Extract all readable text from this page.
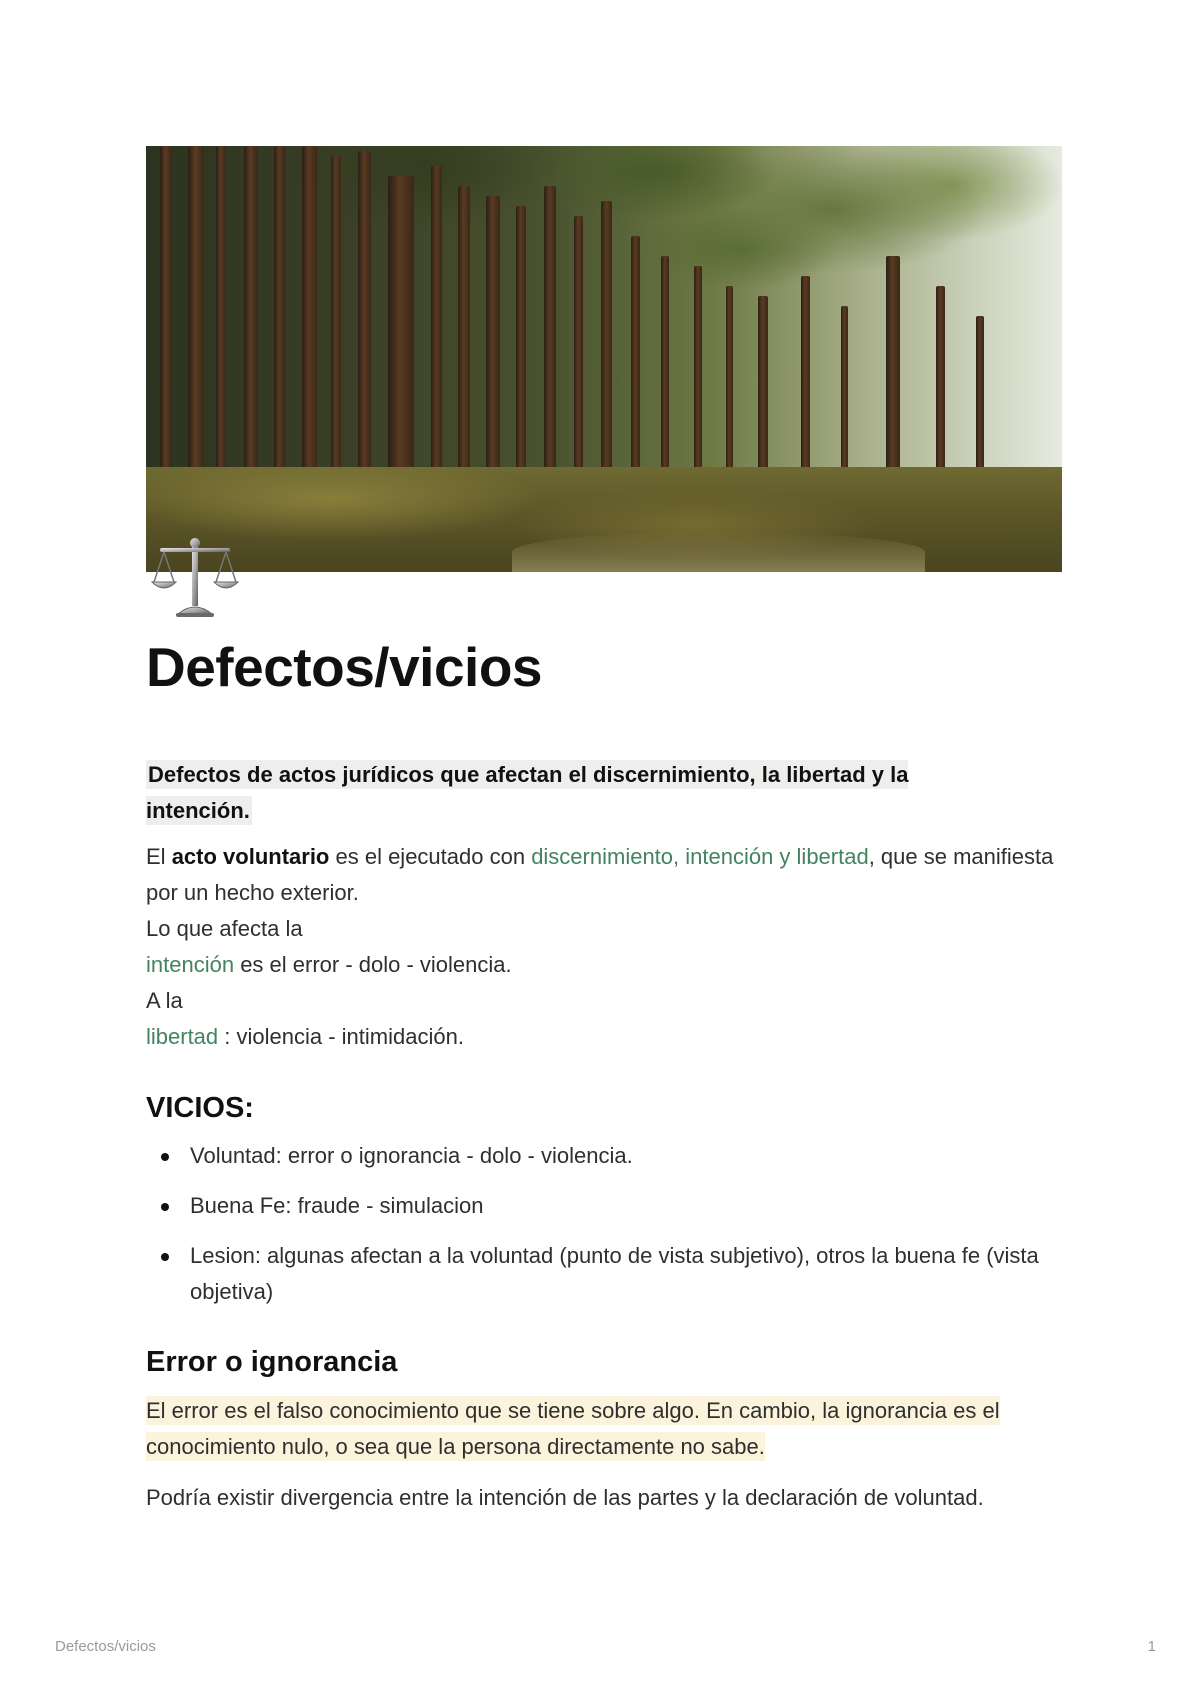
Defectos/vicios
Defectos de actos jurídicos que afectan el discernimiento, la libertad y la intención.
El acto voluntario es el ejecutado con discernimiento, intención y libertad, que se manifiesta por un hecho exterior.
Lo que afecta la
intención es el error - dolo - violencia.
A la
libertad : violencia - intimidación.
VICIOS:
Voluntad: error o ignorancia - dolo - violencia.
Buena Fe: fraude - simulacion
Lesion: algunas afectan a la voluntad (punto de vista subjetivo), otros la buena fe (vista objetiva)
Error o ignorancia
El error es el falso conocimiento que se tiene sobre algo. En cambio, la ignorancia es el conocimiento nulo, o sea que la persona directamente no sabe.
Podría existir divergencia entre la intención de las partes y la declaración de voluntad.
Defectos/vicios	1
